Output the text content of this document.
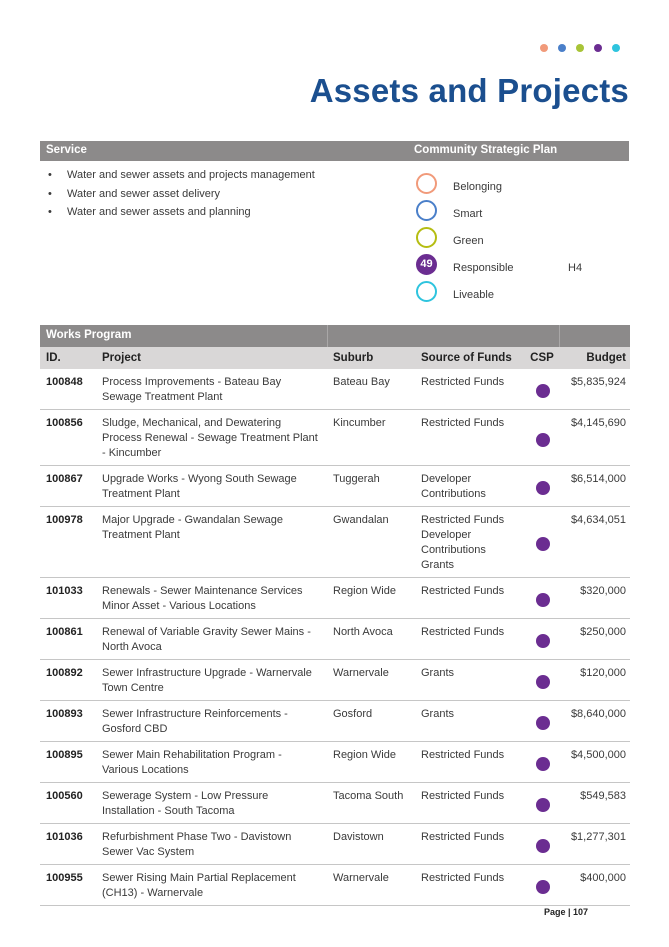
Assets and Projects
Service	Community Strategic Plan
• Water and sewer assets and projects management
• Water and sewer asset delivery
• Water and sewer assets and planning
Belonging
Smart
Green
49	Responsible	H4
Liveable
Works Program
ID.	Project	Suburb	Source of Funds	CSP	Budget
100848	Process Improvements - Bateau Bay Sewage Treatment Plant	Bateau Bay	Restricted Funds		$5,835,924
100856	Sludge, Mechanical, and Dewatering Process Renewal - Sewage Treatment Plant - Kincumber	Kincumber	Restricted Funds		$4,145,690
100867	Upgrade Works - Wyong South Sewage Treatment Plant	Tuggerah	Developer
Contributions		$6,514,000
100978	Major Upgrade - Gwandalan Sewage Treatment Plant	Gwandalan	Restricted Funds
Developer
Contributions
Grants		$4,634,051
101033	Renewals - Sewer Maintenance Services Minor Asset - Various Locations	Region Wide	Restricted Funds		$320,000
100861	Renewal of Variable Gravity Sewer Mains - North Avoca	North Avoca	Restricted Funds		$250,000
100892	Sewer Infrastructure Upgrade - Warnervale Town Centre	Warnervale	Grants		$120,000
100893	Sewer Infrastructure Reinforcements - Gosford CBD	Gosford	Grants		$8,640,000
100895	Sewer Main Rehabilitation Program - Various Locations	Region Wide	Restricted Funds		$4,500,000
100560	Sewerage System - Low Pressure Installation - South Tacoma	Tacoma South	Restricted Funds		$549,583
101036	Refurbishment Phase Two - Davistown Sewer Vac System	Davistown	Restricted Funds		$1,277,301
100955	Sewer Rising Main Partial Replacement (CH13) - Warnervale	Warnervale	Restricted Funds		$400,000
Page | 107
